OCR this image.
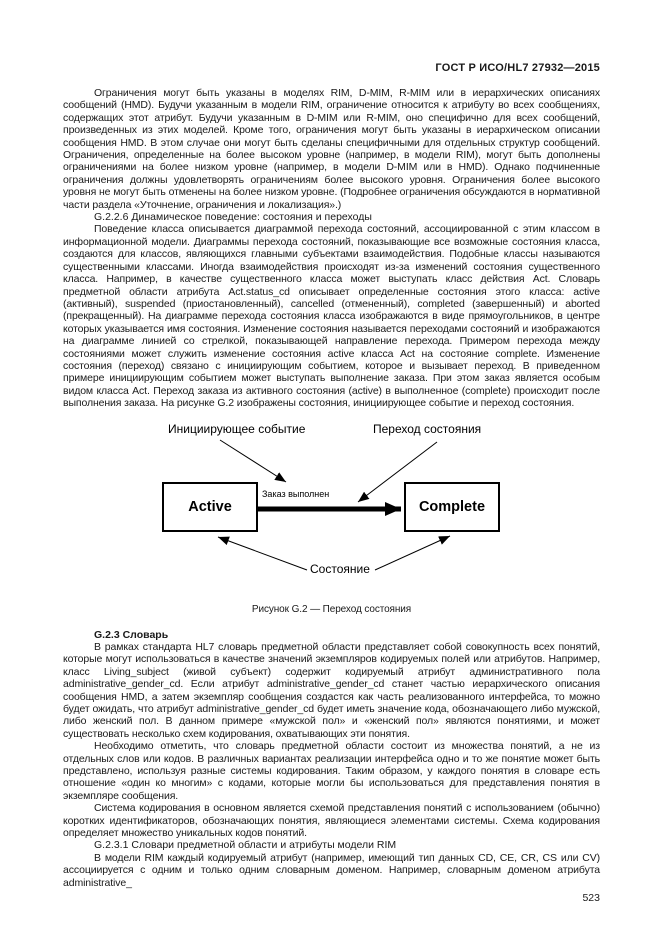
ГОСТ Р ИСО/HL7 27932—2015

Ограничения могут быть указаны в моделях RIM, D-MIM, R-MIM или в иерархических описаниях сообщений (HMD). Будучи указанным в модели RIM, ограничение относится к атрибуту во всех сообщениях, содержащих этот атрибут. Будучи указанным в D-MIM или R-MIM, оно специфично для всех сообщений, произведенных из этих моделей. Кроме того, ограничения могут быть указаны в иерархическом описании сообщения HMD. В этом случае они могут быть сделаны специфичными для отдельных структур сообщений. Ограничения, определенные на более высоком уровне (например, в модели RIM), могут быть дополнены ограничениями на более низком уровне (например, в модели D-MIM или в HMD). Однако подчиненные ограничения должны удовлетворять ограничениям более высокого уровня. Ограничения более высокого уровня не могут быть отменены на более низком уровне. (Подробнее ограничения обсуждаются в нормативной части раздела «Уточнение, ограничения и локализация».)

G.2.2.6 Динамическое поведение: состояния и переходы

Поведение класса описывается диаграммой перехода состояний, ассоциированной с этим классом в информационной модели. Диаграммы перехода состояний, показывающие все возможные состояния класса, создаются для классов, являющихся главными субъектами взаимодействия. Подобные классы называются существенными классами. Иногда взаимодействия происходят из-за изменений состояния существенного класса. Например, в качестве существенного класса может выступать класс действия Act. Словарь предметной области атрибута Act.status_cd описывает определенные состояния этого класса: active (активный), suspended (приостановленный), cancelled (отмененный), completed (завершенный) и aborted (прекращенный). На диаграмме перехода состояния класса изображаются в виде прямоугольников, в центре которых указывается имя состояния. Изменение состояния называется переходами состояний и изображаются на диаграмме линией со стрелкой, показывающей направление перехода. Примером перехода между состояниями может служить изменение состояния active класса Act на состояние complete. Изменение состояния (переход) связано с инициирующим событием, которое и вызывает переход. В приведенном примере инициирующим событием может выступать выполнение заказа. При этом заказ является особым видом класса Act. Переход заказа из активного состояния (active) в выполненное (complete) происходит после выполнения заказа. На рисунке G.2 изображены состояния, инициирующее событие и переход состояния.

Инициирующее событие	Переход состояния
Active	Complete
Заказ выполнен
Состояние
Рисунок G.2 — Переход состояния

G.2.3 Словарь

В рамках стандарта HL7 словарь предметной области представляет собой совокупность всех понятий, которые могут использоваться в качестве значений экземпляров кодируемых полей или атрибутов. Например, класс Living_subject (живой субъект) содержит кодируемый атрибут административного пола administrative_gender_cd. Если атрибут administrative_gender_cd станет частью иерархического описания сообщения HMD, а затем экземпляр сообщения создастся как часть реализованного интерфейса, то можно будет ожидать, что атрибут administrative_gender_cd будет иметь значение кода, обозначающего либо мужской, либо женский пол. В данном примере «мужской пол» и «женский пол» являются понятиями, и может существовать несколько схем кодирования, охватывающих эти понятия.

Необходимо отметить, что словарь предметной области состоит из множества понятий, а не из отдельных слов или кодов. В различных вариантах реализации интерфейса одно и то же понятие может быть представлено, используя разные системы кодирования. Таким образом, у каждого понятия в словаре есть отношение «один ко многим» с кодами, которые могли бы использоваться для представления понятия в экземпляре сообщения.

Система кодирования в основном является схемой представления понятий с использованием (обычно) коротких идентификаторов, обозначающих понятия, являющиеся элементами системы. Схема кодирования определяет множество уникальных кодов понятий.

G.2.3.1 Словари предметной области и атрибуты модели RIM

В модели RIM каждый кодируемый атрибут (например, имеющий тип данных CD, CE, CR, CS или CV) ассоциируется с одним и только одним словарным доменом. Например, словарным доменом атрибута administrative_

523
